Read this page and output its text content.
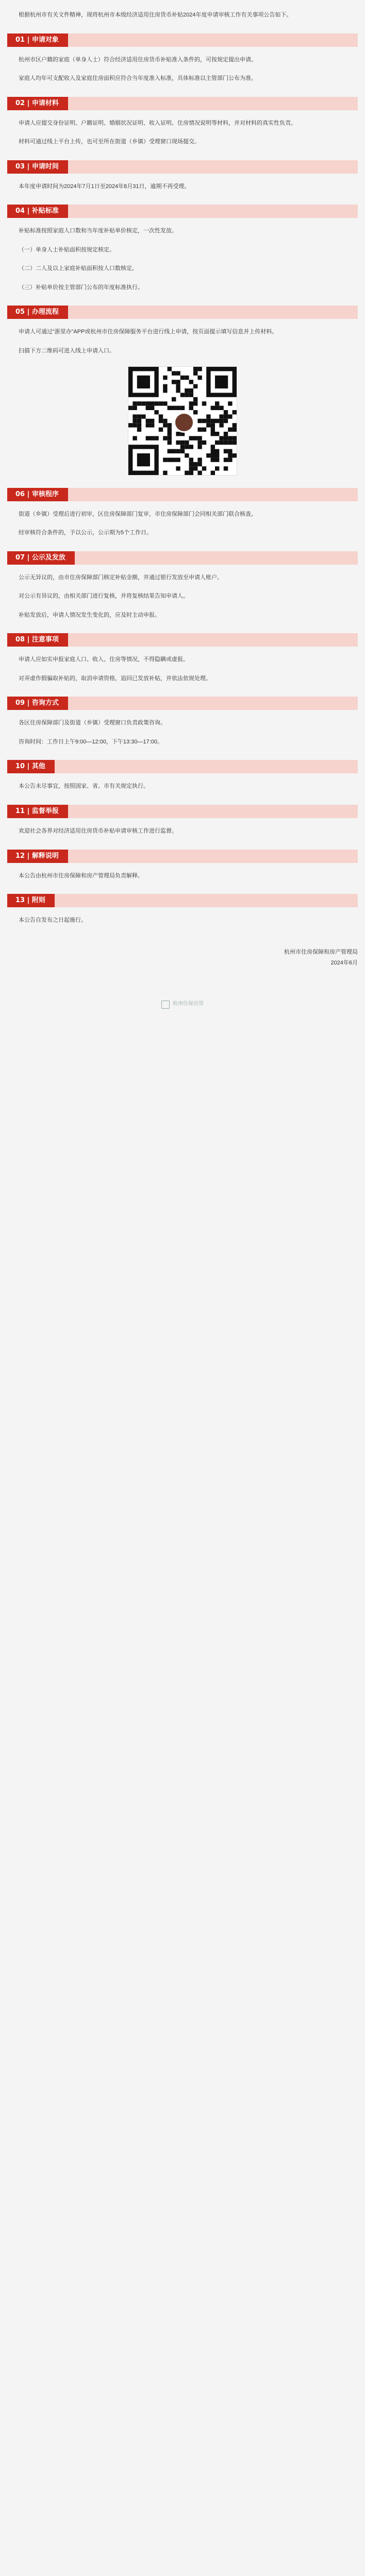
根据杭州市有关文件精神，现将杭州市本级经济适用住房货币补贴2024年度申请审核工作有关事项公告如下。

01 | 申请对象

杭州市区户籍的家庭（单身人士）符合经济适用住房货币补贴准入条件的，可按规定提出申请。

家庭人均年可支配收入及家庭住房面积应符合当年度准入标准，具体标准以主管部门公布为准。

02 | 申请材料

申请人应提交身份证明、户籍证明、婚姻状况证明、收入证明、住房情况说明等材料，并对材料的真实性负责。

材料可通过线上平台上传，也可至所在街道（乡镇）受理窗口现场提交。

03 | 申请时间

本年度申请时间为2024年7月1日至2024年8月31日，逾期不再受理。

04 | 补贴标准

补贴标准按照家庭人口数和当年度补贴单价核定，一次性发放。

（一）单身人士补贴面积按规定核定。

（二）二人及以上家庭补贴面积按人口数核定。

（三）补贴单价按主管部门公布的年度标准执行。

05 | 办理流程

申请人可通过“浙里办”APP或杭州市住房保障服务平台进行线上申请，按页面提示填写信息并上传材料。

扫描下方二维码可进入线上申请入口。

06 | 审核程序

街道（乡镇）受理后进行初审，区住房保障部门复审，市住房保障部门会同相关部门联合核查。

经审核符合条件的，予以公示，公示期为5个工作日。

07 | 公示及发放

公示无异议的，由市住房保障部门核定补贴金额，并通过银行发放至申请人账户。

对公示有异议的，由相关部门进行复核，并将复核结果告知申请人。

补贴发放后，申请人情况发生变化的，应及时主动申报。

08 | 注意事项

申请人应如实申报家庭人口、收入、住房等情况，不得隐瞒或虚报。

对弄虚作假骗取补贴的，取消申请资格，追回已发放补贴，并依法依规处理。

09 | 咨询方式

各区住房保障部门及街道（乡镇）受理窗口负责政策咨询。

咨询时间：工作日上午9:00—12:00，下午13:30—17:00。

10 | 其他

本公告未尽事宜，按照国家、省、市有关规定执行。

11 | 监督举报

欢迎社会各界对经济适用住房货币补贴申请审核工作进行监督。

12 | 解释说明

本公告由杭州市住房保障和房产管理局负责解释。

13 | 附则

本公告自发布之日起施行。

杭州市住房保障和房产管理局
2024年6月
杭州住保房管
